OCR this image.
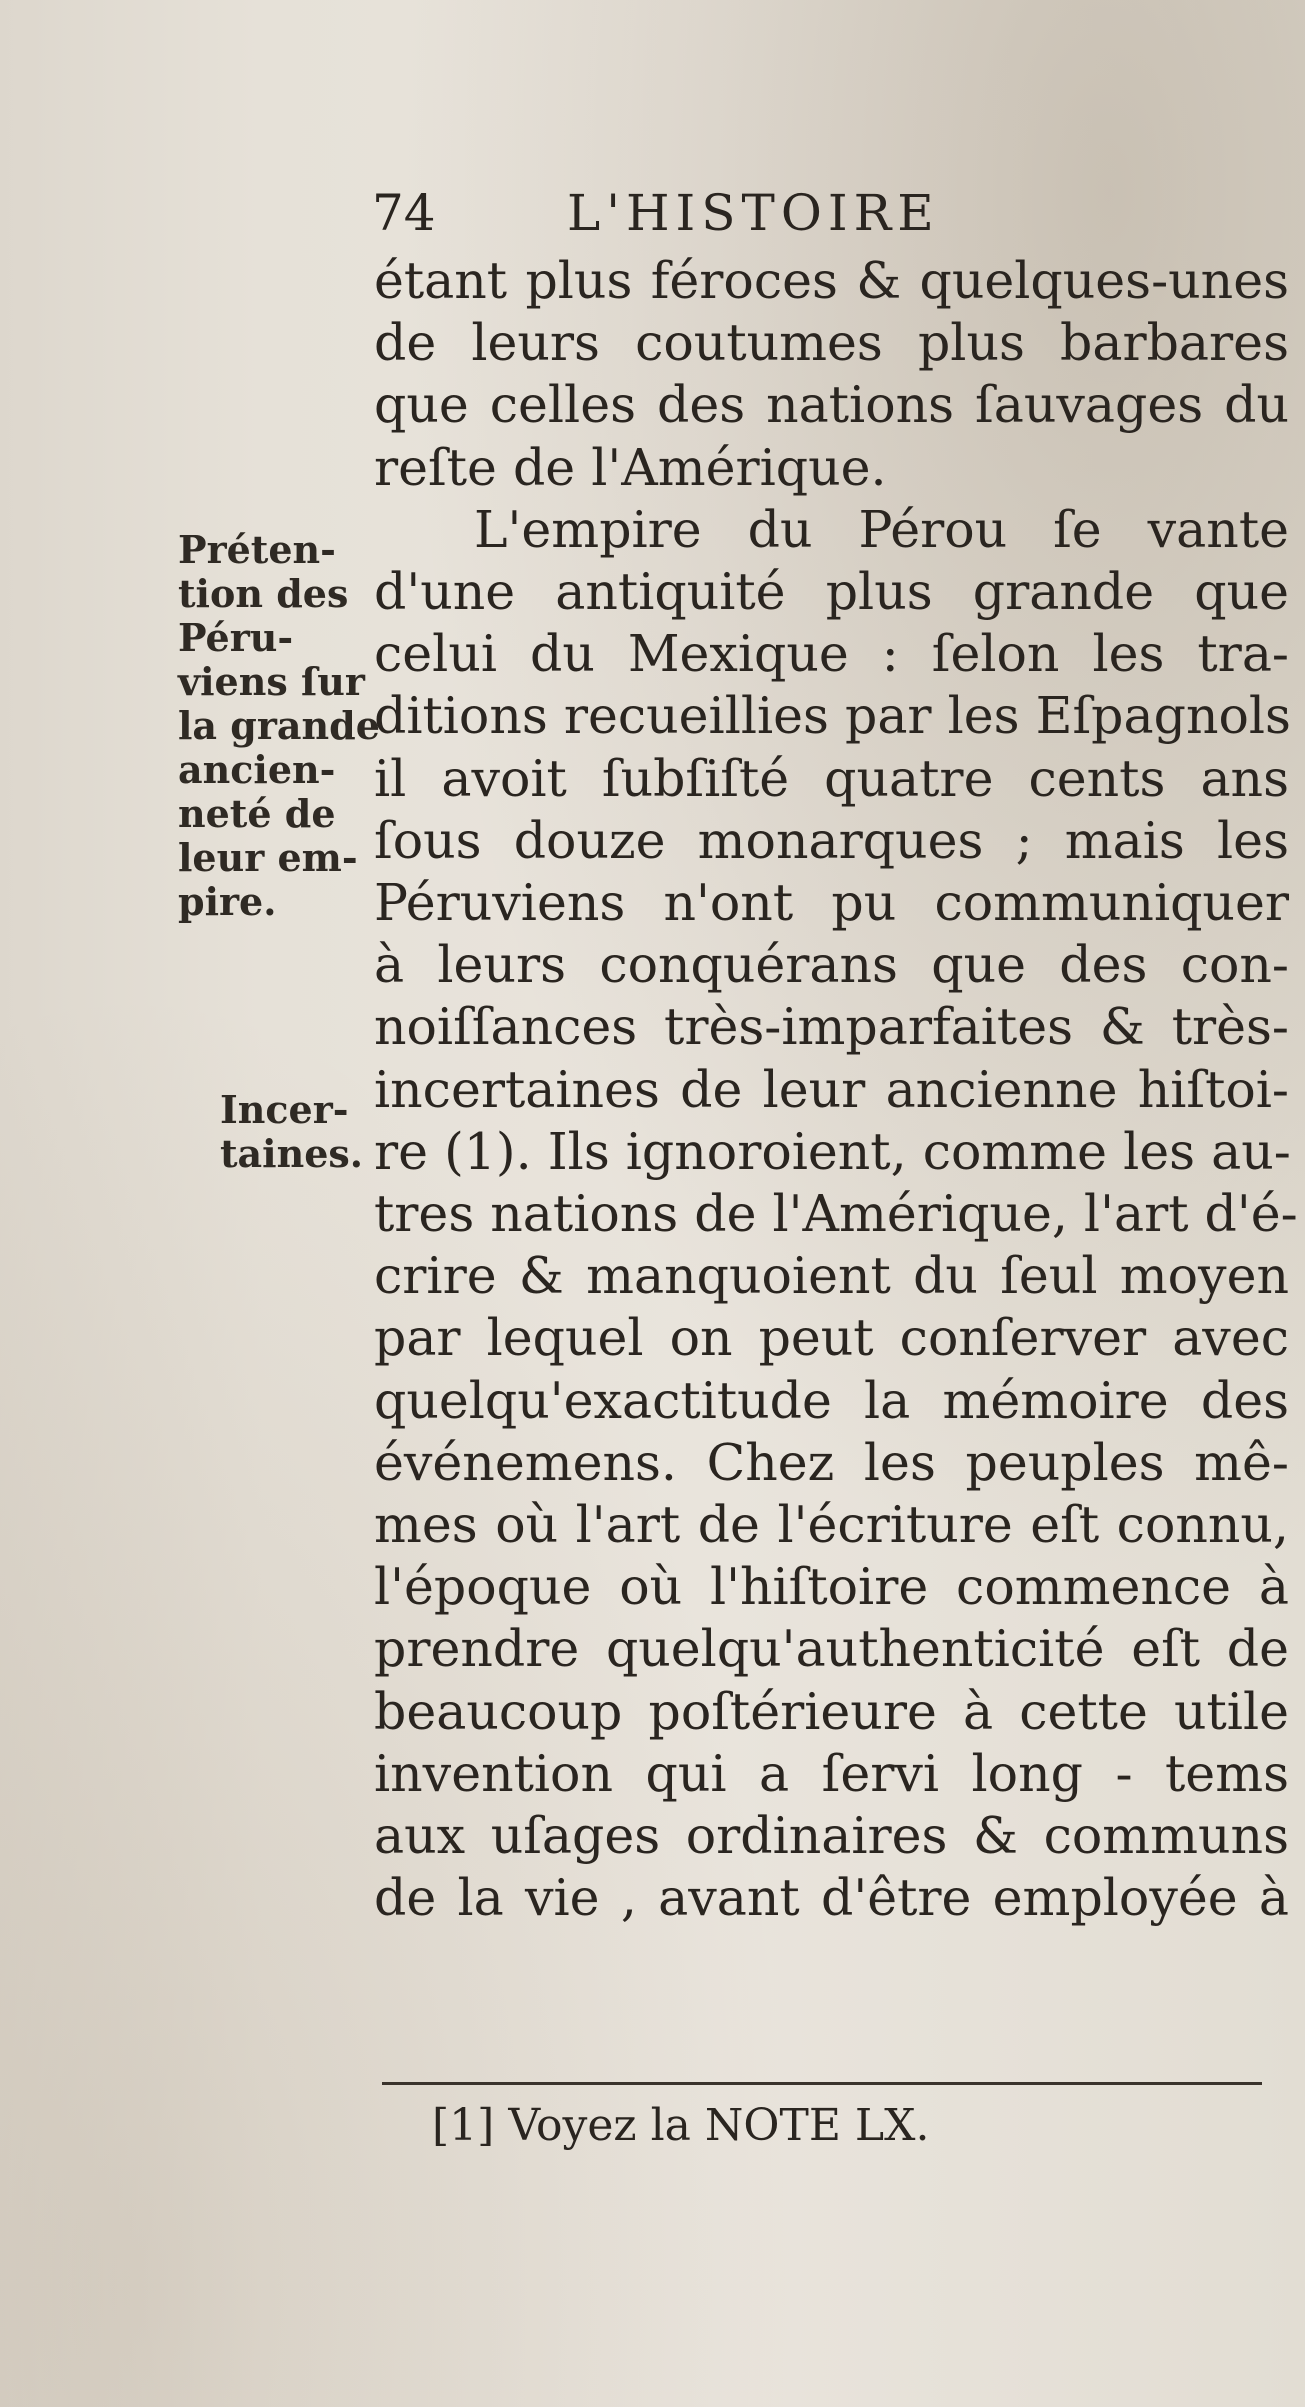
74	L'HISTOIRE
étant plus féroces & quelques-unes
de leurs coutumes plus barbares
que celles des nations ſauvages du
reſte de l'Amérique.
L'empire du Pérou ſe vante
d'une antiquité plus grande que
celui du Mexique : ſelon les tra-
ditions recueillies par les Eſpagnols
il avoit ſubſiſté quatre cents ans
ſous douze monarques ; mais les
Péruviens n'ont pu communiquer
à leurs conquérans que des con-
noiſſances très-imparfaites & très-
incertaines de leur ancienne hiſtoi-
re (1). Ils ignoroient, comme les au-
tres nations de l'Amérique, l'art d'é-
crire & manquoient du ſeul moyen
par lequel on peut conſerver avec
quelqu'exactitude la mémoire des
événemens. Chez les peuples mê-
mes où l'art de l'écriture eſt connu,
l'époque où l'hiſtoire commence à
prendre quelqu'authenticité eſt de
beaucoup poſtérieure à cette utile
invention qui a ſervi long - tems
aux uſages ordinaires & communs
de la vie , avant d'être employée à
Préten-
tion des
Péru-
viens ſur
la grande
ancien-
neté de
leur em-
pire.
Incer-
taines.
[1] Voyez la NOTE LX.
